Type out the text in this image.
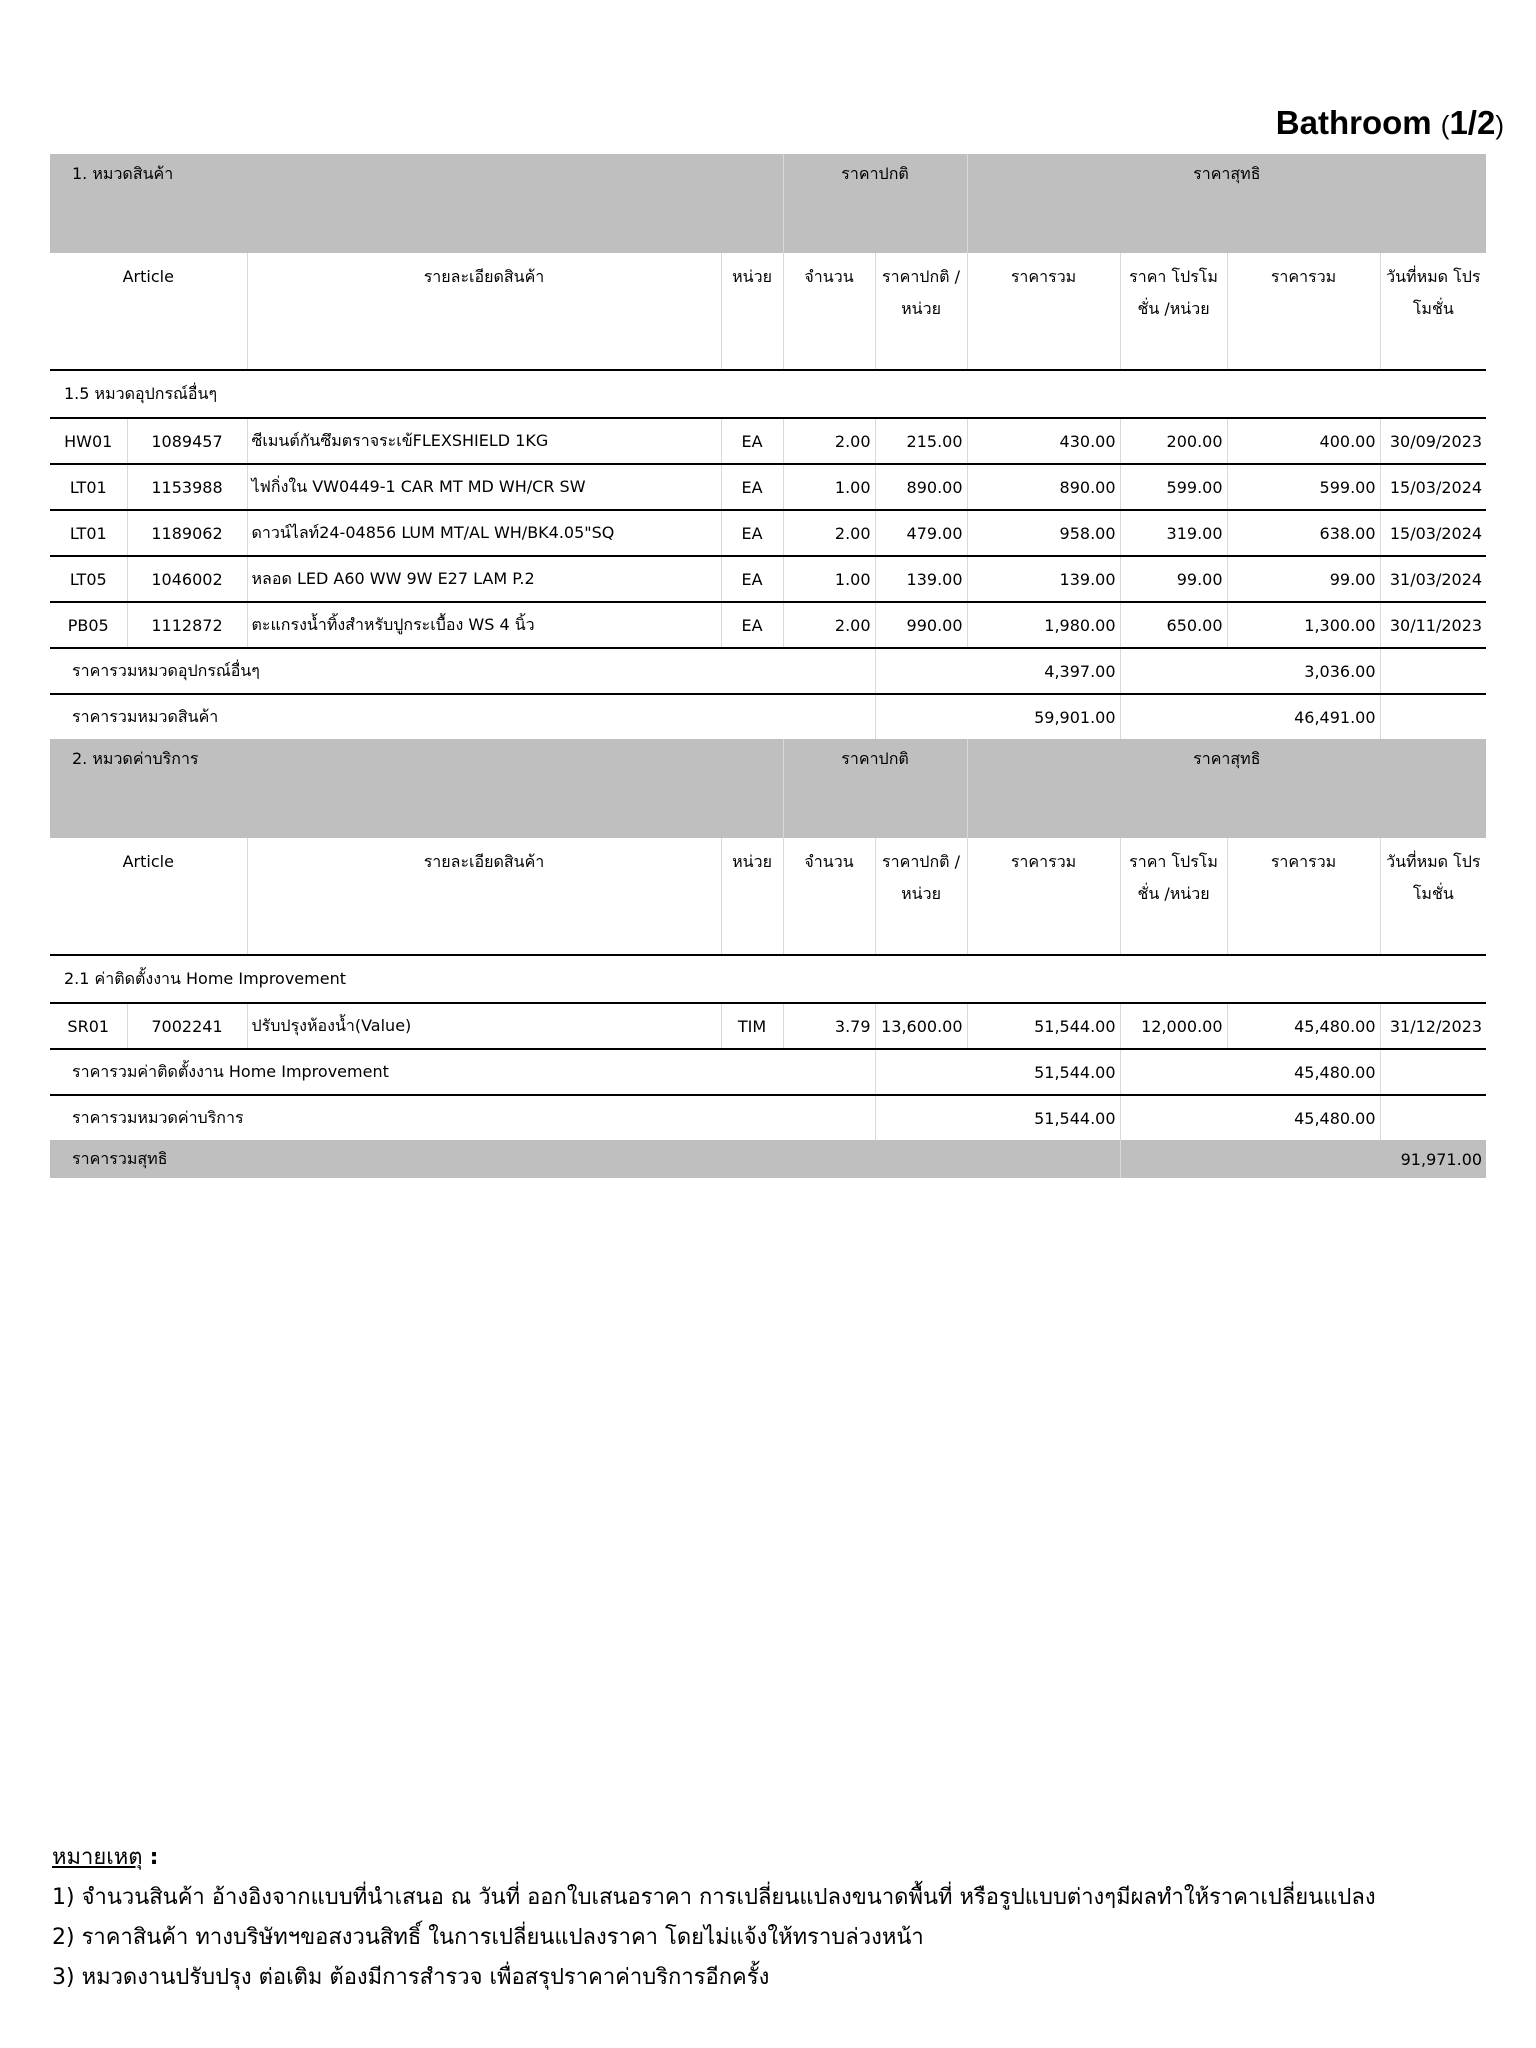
Bathroom (1/2)
1. หมวดสินค้า				ราคาปกติ		ราคาสุทธิ			
Article		รายละเอียดสินค้า	หน่วย	จำนวน	ราคาปกติ /หน่วย	ราคารวม	ราคา โปรโมชั่น /หน่วย	ราคารวม	วันที่หมด โปรโมชั่น
1.5 หมวดอุปกรณ์อื่นๆ									
HW01	1089457	ซีเมนต์กันซึมตราจระเข้FLEXSHIELD 1KG	EA	2.00	215.00	430.00	200.00	400.00	30/09/2023
LT01	1153988	ไฟกิ่งใน VW0449-1 CAR MT MD WH/CR SW	EA	1.00	890.00	890.00	599.00	599.00	15/03/2024
LT01	1189062	ดาวน์ไลท์24-04856 LUM MT/AL WH/BK4.05"SQ	EA	2.00	479.00	958.00	319.00	638.00	15/03/2024
LT05	1046002	หลอด LED A60 WW 9W E27 LAM P.2	EA	1.00	139.00	139.00	99.00	99.00	31/03/2024
PB05	1112872	ตะแกรงน้ำทิ้งสำหรับปูกระเบื้อง WS 4 นิ้ว	EA	2.00	990.00	1,980.00	650.00	1,300.00	30/11/2023
ราคารวมหมวดอุปกรณ์อื่นๆ					4,397.00		3,036.00		
ราคารวมหมวดสินค้า					59,901.00		46,491.00		
2. หมวดค่าบริการ				ราคาปกติ		ราคาสุทธิ			
Article		รายละเอียดสินค้า	หน่วย	จำนวน	ราคาปกติ /หน่วย	ราคารวม	ราคา โปรโมชั่น /หน่วย	ราคารวม	วันที่หมด โปรโมชั่น
2.1 ค่าติดตั้งงาน Home Improvement									
SR01	7002241	ปรับปรุงห้องน้ำ(Value)	TIM	3.79	13,600.00	51,544.00	12,000.00	45,480.00	31/12/2023
ราคารวมค่าติดตั้งงาน Home Improvement					51,544.00		45,480.00		
ราคารวมหมวดค่าบริการ					51,544.00		45,480.00		
ราคารวมสุทธิ							91,971.00		
หมายเหตุ :
1) จำนวนสินค้า อ้างอิงจากแบบที่นำเสนอ ณ วันที่ ออกใบเสนอราคา การเปลี่ยนแปลงขนาดพื้นที่ หรือรูปแบบต่างๆมีผลทำให้ราคาเปลี่ยนแปลง
2) ราคาสินค้า ทางบริษัทฯขอสงวนสิทธิ์ ในการเปลี่ยนแปลงราคา โดยไม่แจ้งให้ทราบล่วงหน้า
3) หมวดงานปรับปรุง ต่อเติม ต้องมีการสำรวจ เพื่อสรุปราคาค่าบริการอีกครั้ง
